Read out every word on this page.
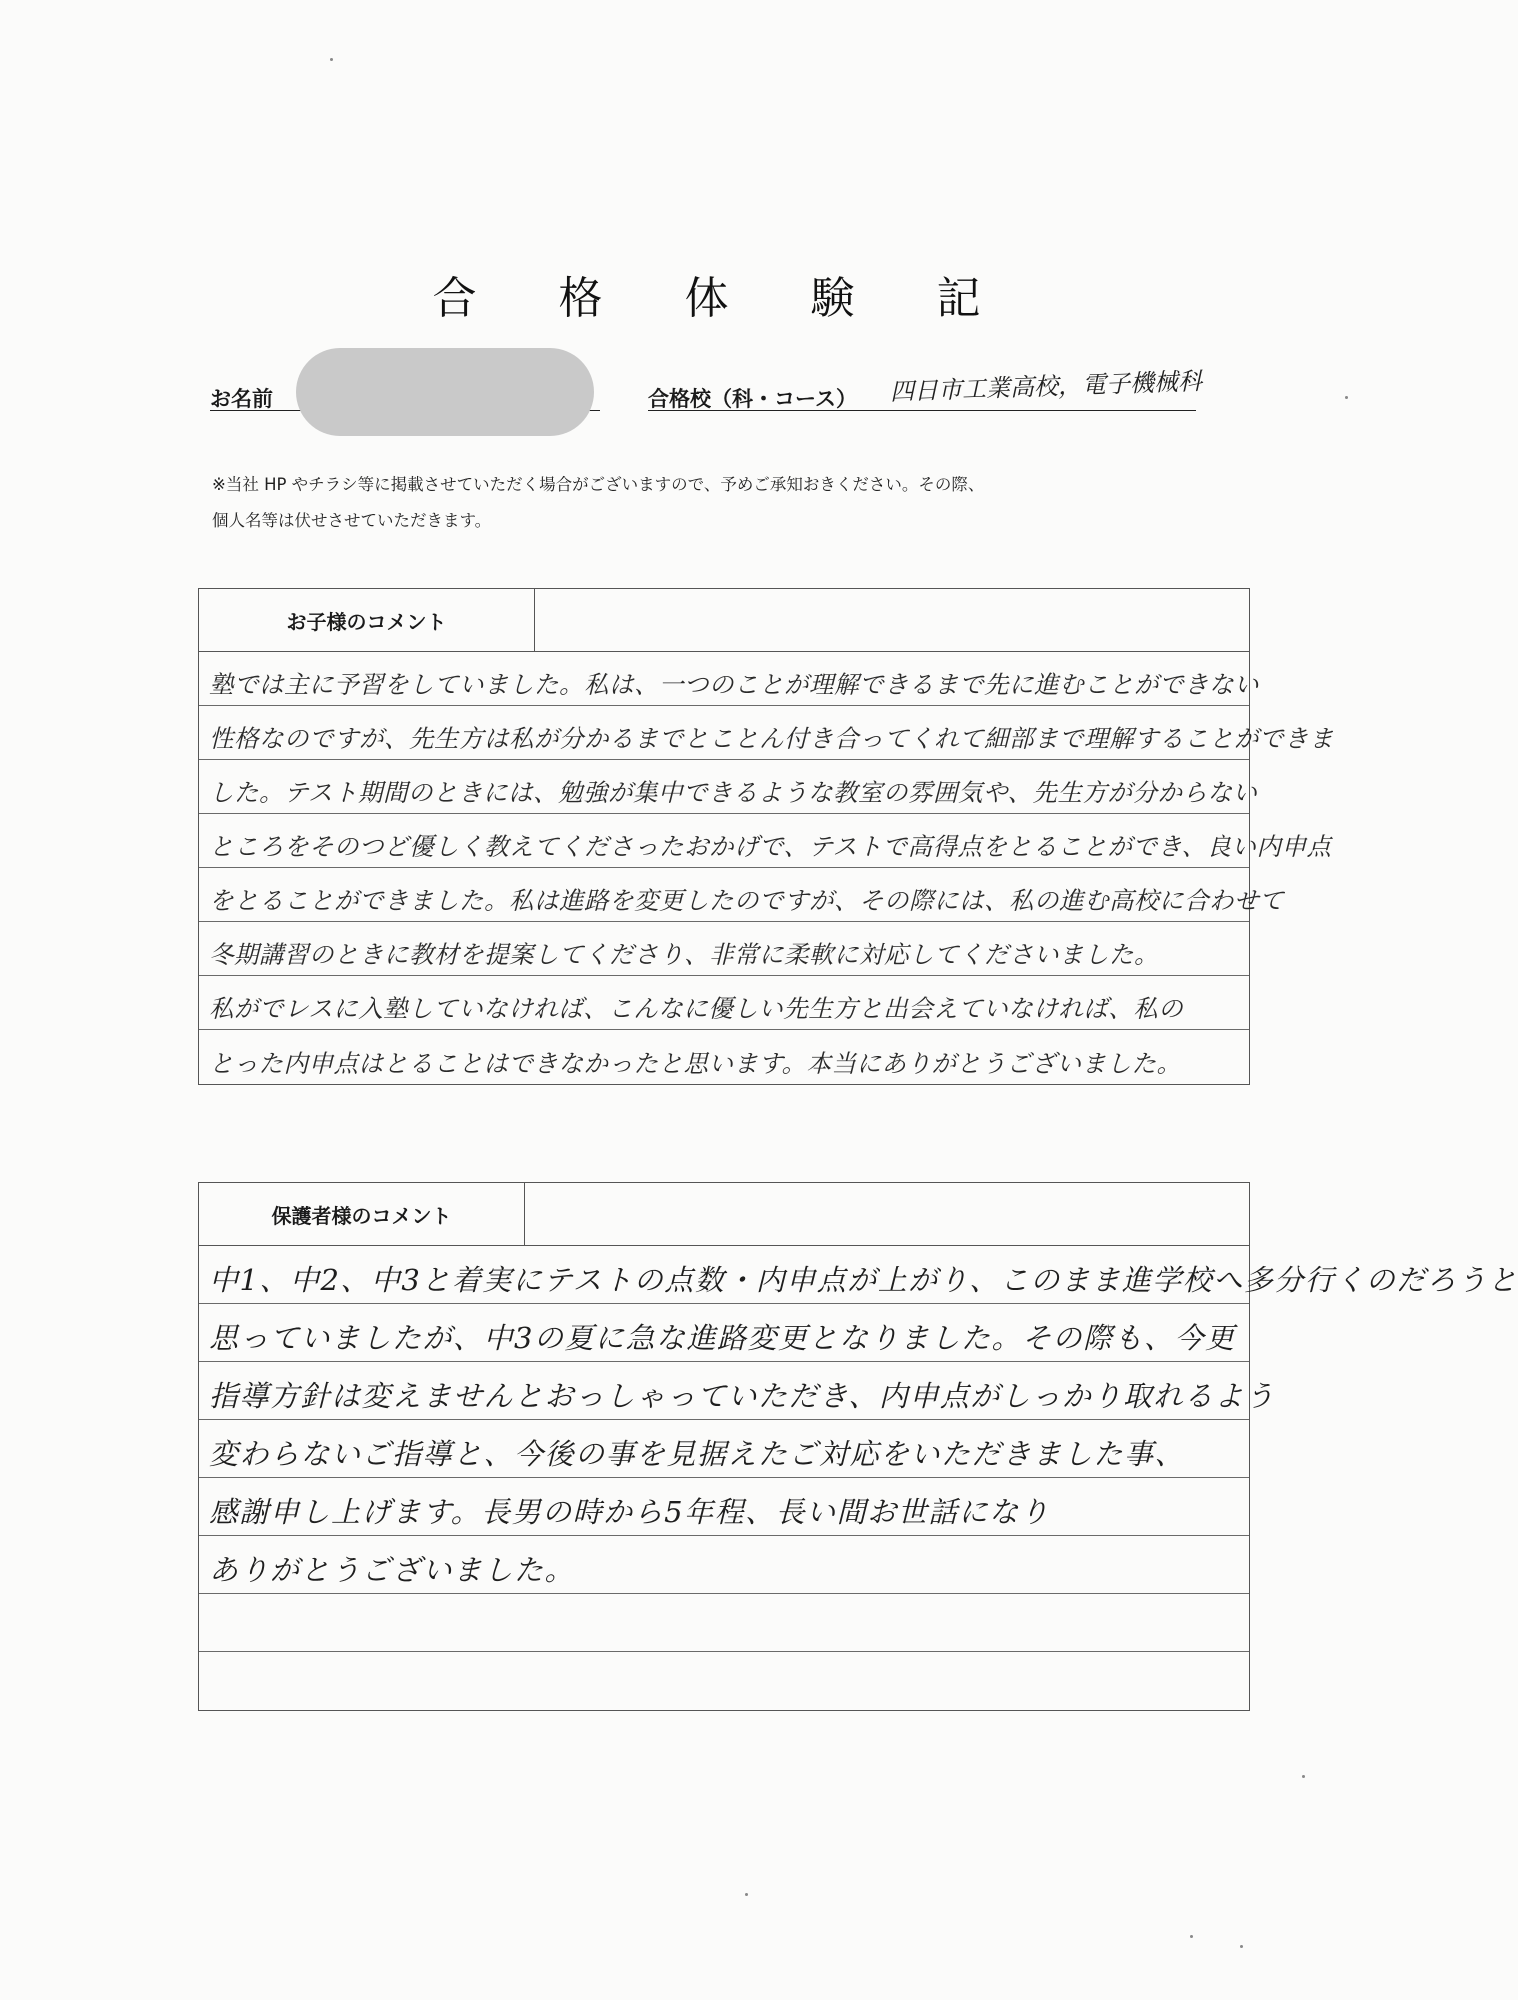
合 格 体 験 記
お名前	合格校（科・コース） 四日市工業高校，電子機械科
※当社 HP やチラシ等に掲載させていただく場合がございますので、予めご承知おきください。その際、
個人名等は伏せさせていただきます。
お子様のコメント
塾では主に予習をしていました。私は、一つのことが理解できるまで先に進むことができない
性格なのですが、先生方は私が分かるまでとことん付き合ってくれて細部まで理解することができま
した。テスト期間のときには、勉強が集中できるような教室の雰囲気や、先生方が分からない
ところをそのつど優しく教えてくださったおかげで、テストで高得点をとることができ、良い内申点
をとることができました。私は進路を変更したのですが、その際には、私の進む高校に合わせて
冬期講習のときに教材を提案してくださり、非常に柔軟に対応してくださいました。
私がでレスに入塾していなければ、こんなに優しい先生方と出会えていなければ、私の
とった内申点はとることはできなかったと思います。本当にありがとうございました。
保護者様のコメント
中1、中2、中3と着実にテストの点数・内申点が上がり、このまま進学校へ多分行くのだろうと
思っていましたが、中3の夏に急な進路変更となりました。その際も、今更
指導方針は変えませんとおっしゃっていただき、内申点がしっかり取れるよう
変わらないご指導と、今後の事を見据えたご対応をいただきました事、
感謝申し上げます。長男の時から5年程、長い間お世話になり
ありがとうございました。
